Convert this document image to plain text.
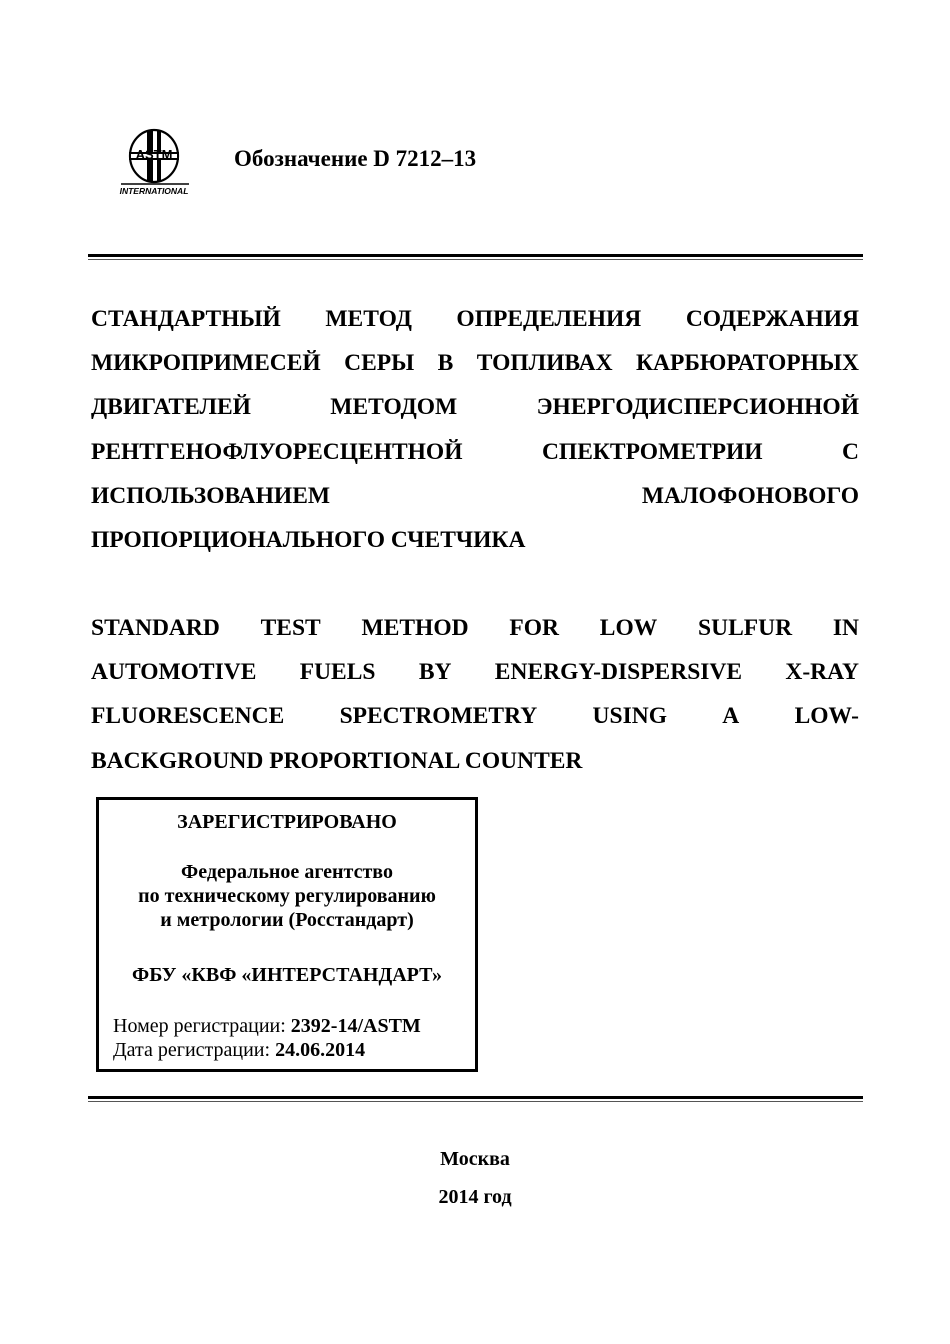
ASTM
INTERNATIONAL
Обозначение D 7212–13
СТАНДАРТНЫЙ МЕТОД ОПРЕДЕЛЕНИЯ СОДЕРЖАНИЯ
МИКРОПРИМЕСЕЙ СЕРЫ В ТОПЛИВАХ КАРБЮРАТОРНЫХ
ДВИГАТЕЛЕЙ	МЕТОДОМ	ЭНЕРГОДИСПЕРСИОННОЙ
РЕНТГЕНОФЛУОРЕСЦЕНТНОЙ	СПЕКТРОМЕТРИИ	С
ИСПОЛЬЗОВАНИЕМ	МАЛОФОНОВОГО
ПРОПОРЦИОНАЛЬНОГО СЧЕТЧИКА
STANDARD TEST METHOD FOR LOW SULFUR IN
AUTOMOTIVE FUELS BY ENERGY-DISPERSIVE X-RAY
FLUORESCENCE SPECTROMETRY USING A LOW-
BACKGROUND PROPORTIONAL COUNTER
ЗАРЕГИСТРИРОВАНО
Федеральное агентство
по техническому регулированию
и метрологии (Росстандарт)
ФБУ «КВФ «ИНТЕРСТАНДАРТ»
Номер регистрации: 2392-14/ASTM
Дата регистрации: 24.06.2014
Москва
2014 год
